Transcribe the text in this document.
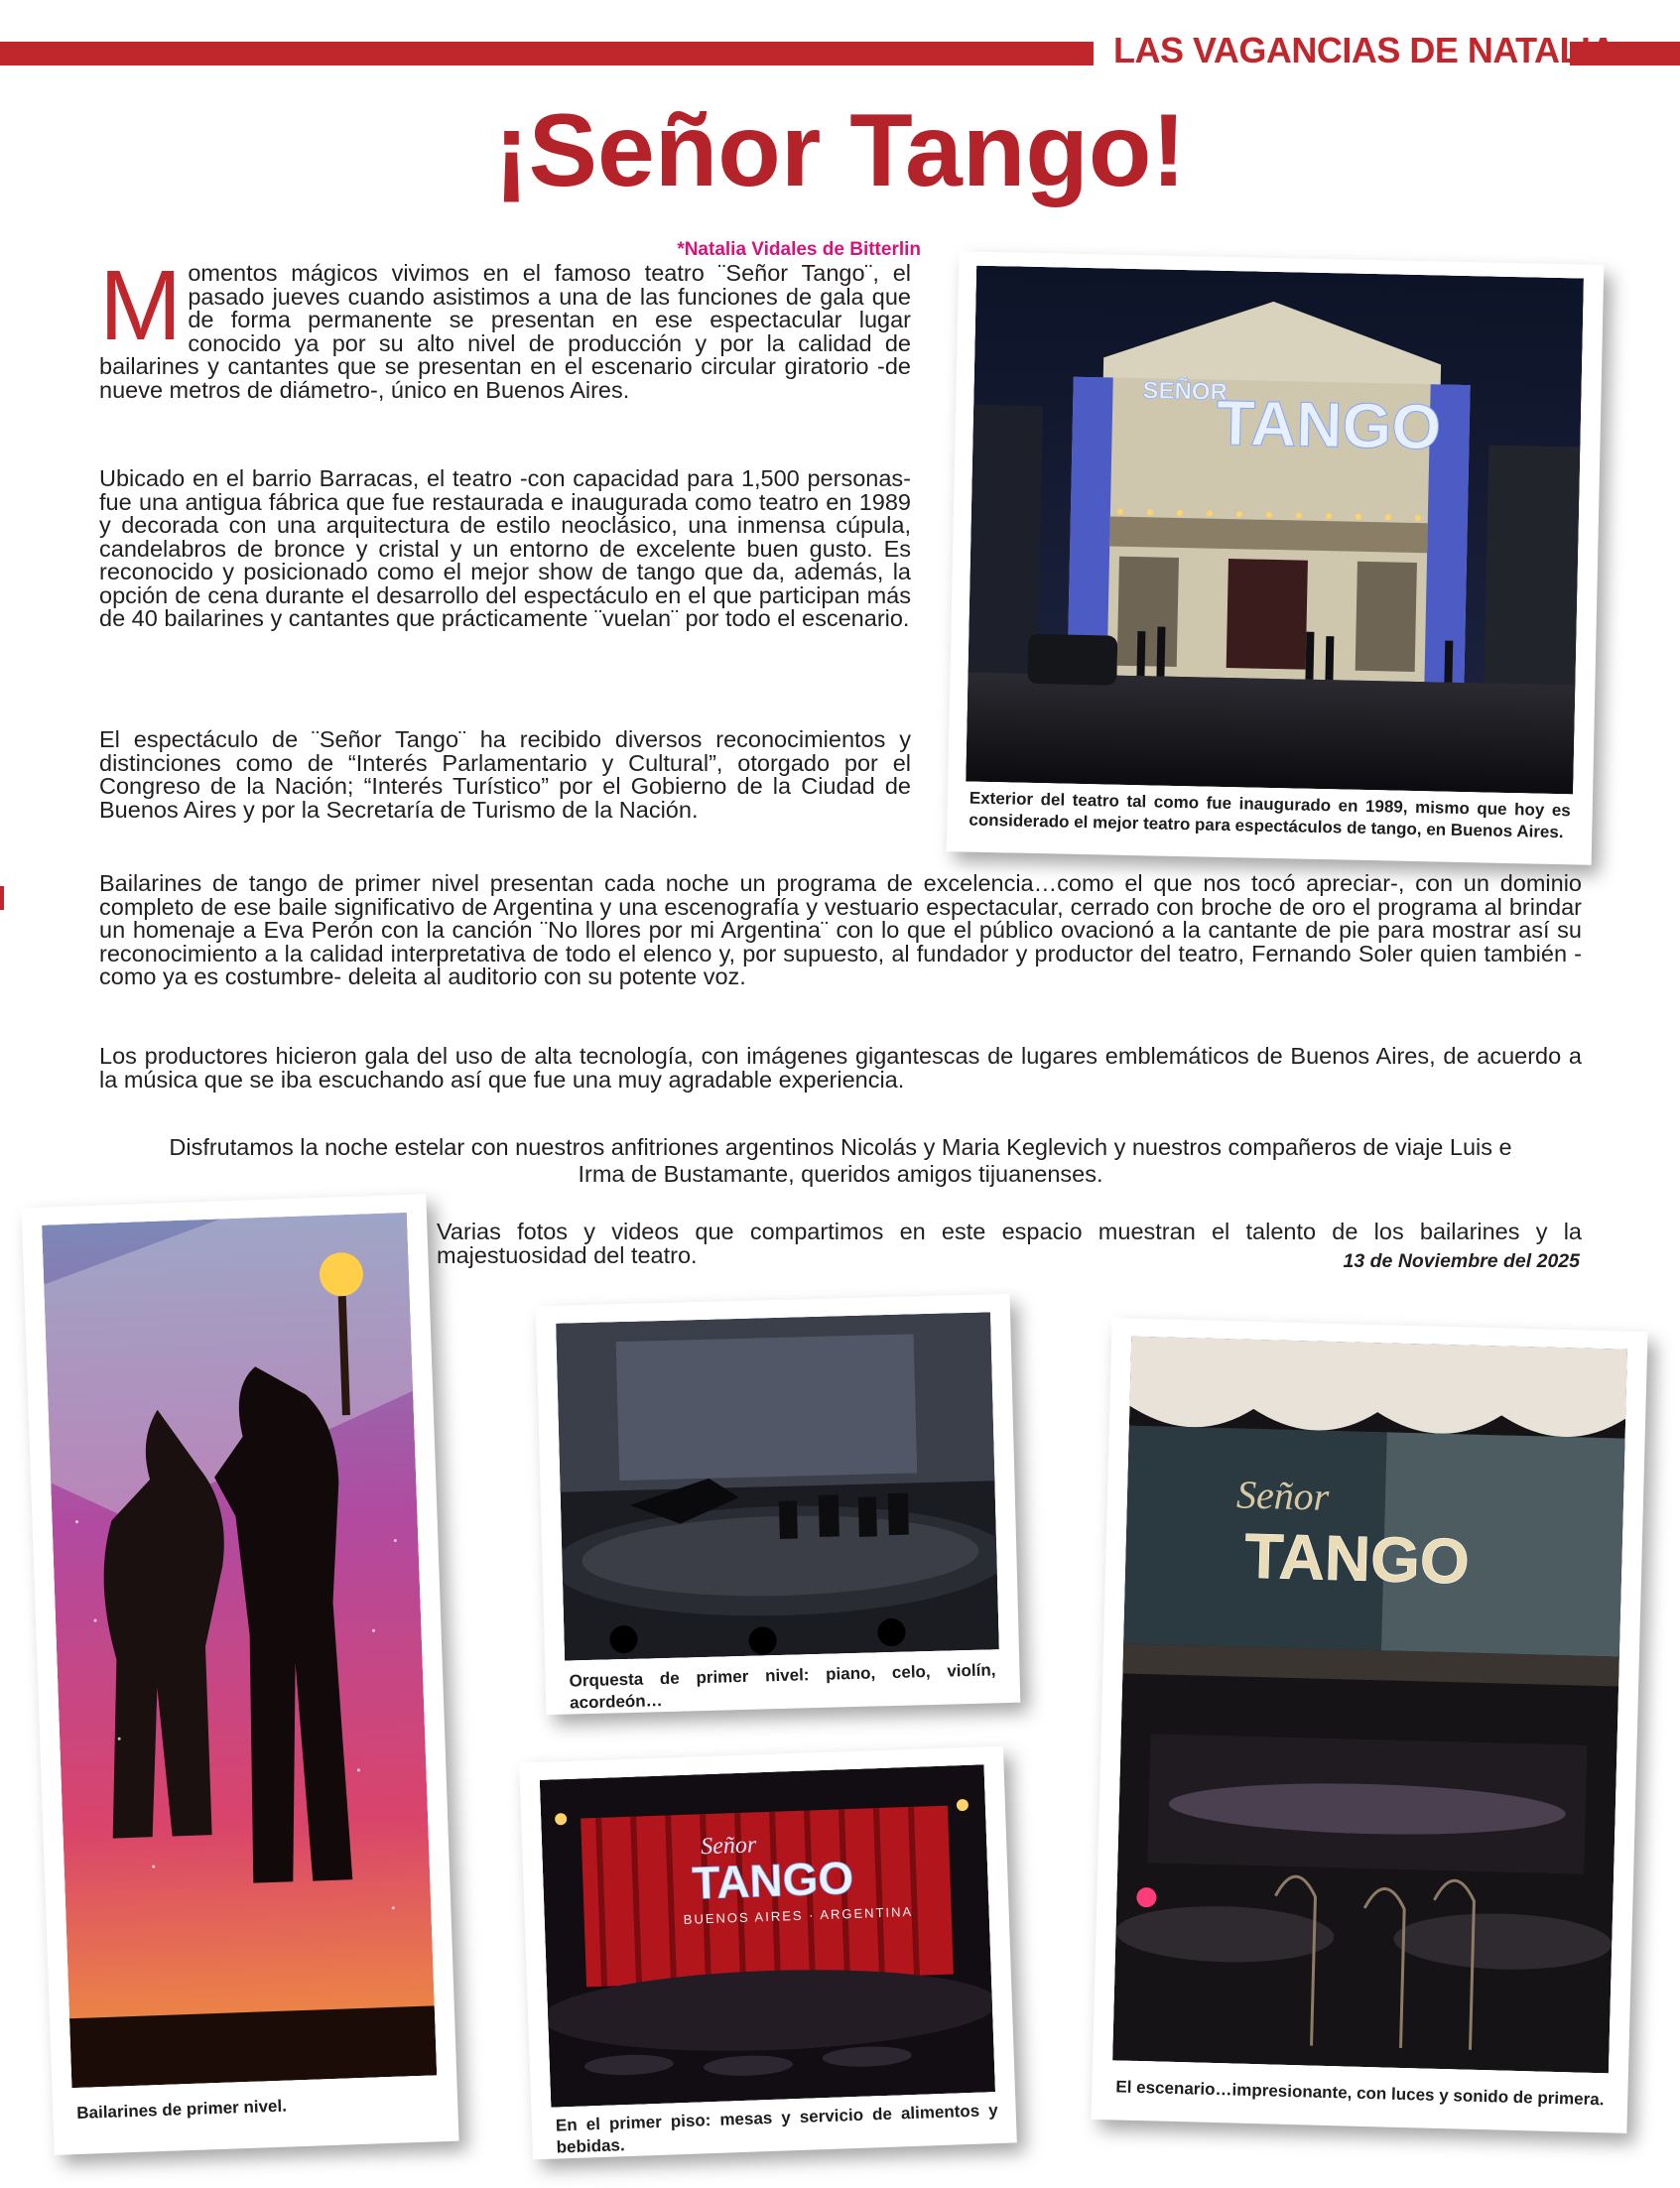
LAS VAGANCIAS DE NATALIA
¡Señor Tango!
*Natalia Vidales de Bitterlin

Momentos mágicos vivimos en el famoso teatro ¨Señor Tango¨, el pasado jueves cuando asistimos a una de las funciones de gala que de forma permanente se presentan en ese espectacular lugar conocido ya por su alto nivel de producción y por la calidad de bailarines y cantantes que se presentan en el escenario circular giratorio -de nueve metros de diámetro-, único en Buenos Aires.

Ubicado en el barrio Barracas, el teatro -con capacidad para 1,500 personas- fue una antigua fábrica que fue restaurada e inaugurada como teatro en 1989 y decorada con una arquitectura de estilo neoclásico, una inmensa cúpula, candelabros de bronce y cristal y un entorno de excelente buen gusto. Es reconocido y posicionado como el mejor show de tango que da, además, la opción de cena durante el desarrollo del espectáculo en el que participan más de 40 bailarines y cantantes que prácticamente ¨vuelan¨ por todo el escenario.

El espectáculo de ¨Señor Tango¨ ha recibido diversos reconocimientos y distinciones como de “Interés Parlamentario y Cultural”, otorgado por el Congreso de la Nación; “Interés Turístico” por el Gobierno de la Ciudad de Buenos Aires y por la Secretaría de Turismo de la Nación.

Bailarines de tango de primer nivel presentan cada noche un programa de excelencia…como el que nos tocó apreciar-, con un dominio completo de ese baile significativo de Argentina y una escenografía y vestuario espectacular, cerrado con broche de oro el programa al brindar un homenaje a Eva Perón con la canción ¨No llores por mi Argentina¨ con lo que el público ovacionó a la cantante de pie para mostrar así su reconocimiento a la calidad interpretativa de todo el elenco y, por supuesto, al fundador y productor del teatro, Fernando Soler quien también -como ya es costumbre- deleita al auditorio con su potente voz.

Los productores hicieron gala del uso de alta tecnología, con imágenes gigantescas de lugares emblemáticos de Buenos Aires, de acuerdo a la música que se iba escuchando así que fue una muy agradable experiencia.

Disfrutamos la noche estelar con nuestros anfitriones argentinos Nicolás y Maria Keglevich y nuestros compañeros de viaje Luis e
Irma de Bustamante, queridos amigos tijuanenses.

Varias fotos y videos que compartimos en este espacio muestran el talento de los bailarines y la majestuosidad del teatro.	13 de Noviembre del 2025
SEÑOR
TANGO
Exterior del teatro tal como fue inaugurado en 1989, mismo que hoy es considerado el mejor teatro para espectáculos de tango, en Buenos Aires.
Bailarines de primer nivel.
Orquesta de primer nivel: piano, celo, violín, acordeón…
Señor
TANGO
BUENOS AIRES · ARGENTINA
En el primer piso: mesas y servicio de alimentos y bebidas.
Señor
TANGO
El escenario…impresionante, con luces y sonido de primera.
